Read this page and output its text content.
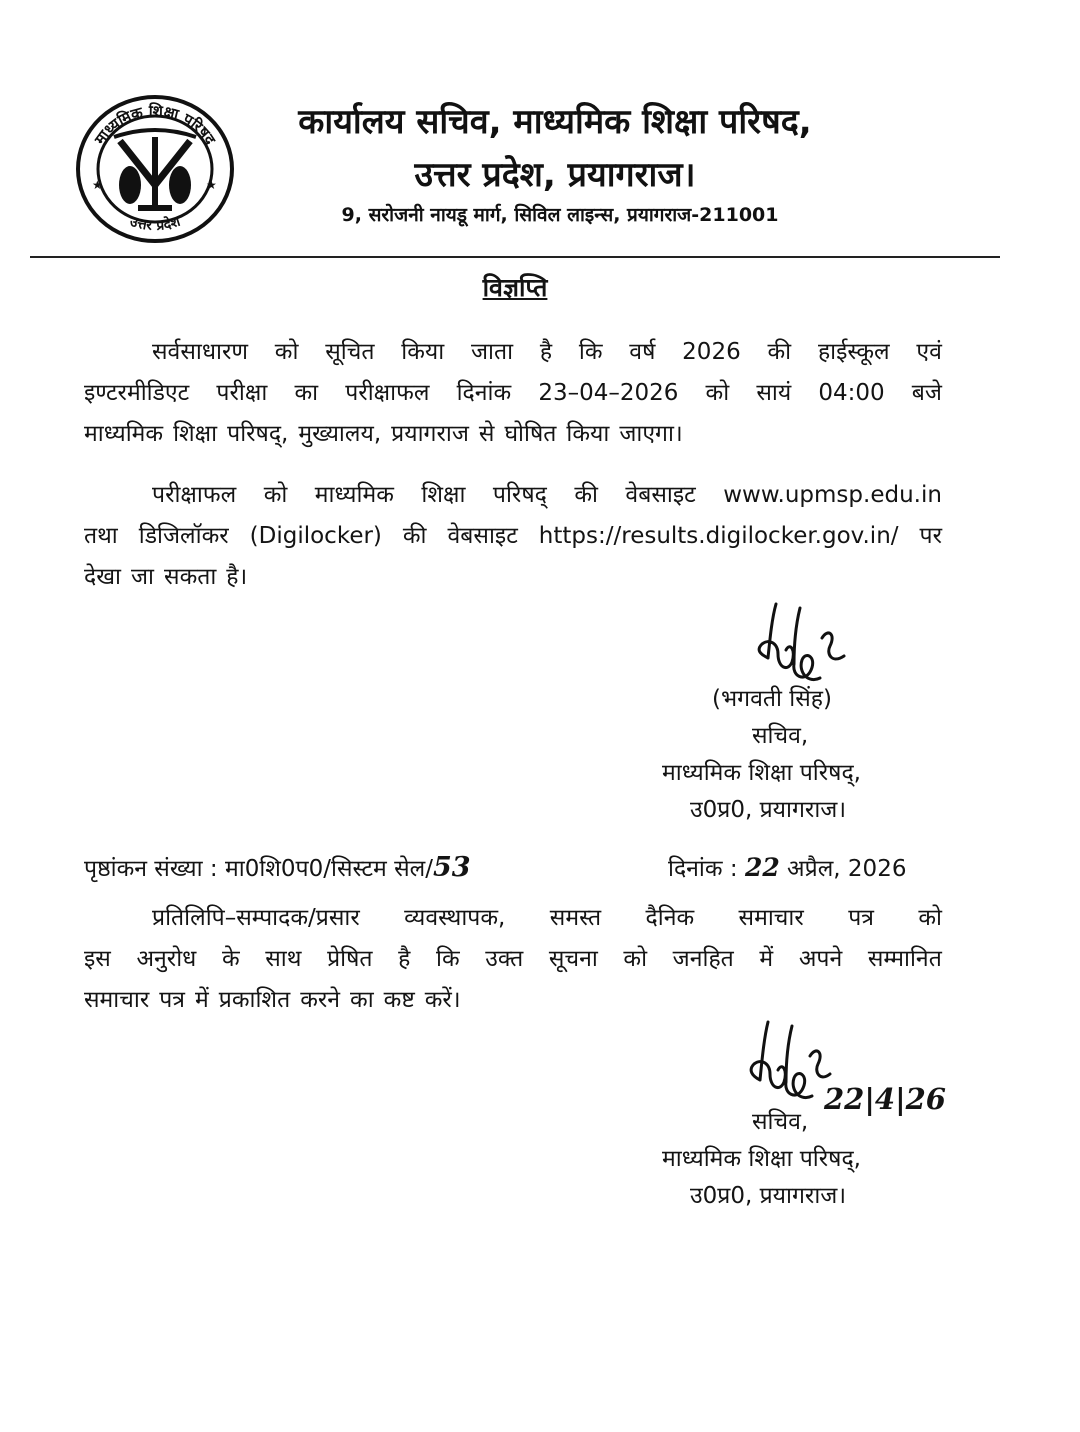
माध्यमिक शिक्षा परिषद
उत्तर प्रदेश
★	★
कार्यालय सचिव, माध्यमिक शिक्षा परिषद,
उत्तर प्रदेश, प्रयागराज।
9, सरोजनी नायडू मार्ग, सिविल लाइन्स, प्रयागराज-211001
विज्ञप्ति
सर्वसाधारण को सूचित किया जाता है कि वर्ष 2026 की हाईस्कूल एवं
इण्टरमीडिएट परीक्षा का परीक्षाफल दिनांक 23–04–2026 को सायं 04:00 बजे
माध्यमिक शिक्षा परिषद्, मुख्यालय, प्रयागराज से घोषित किया जाएगा।
परीक्षाफल को माध्यमिक शिक्षा परिषद् की वेबसाइट www.upmsp.edu.in
तथा डिजिलॉकर (Digilocker) की वेबसाइट https://results.digilocker.gov.in/ पर
देखा जा सकता है।
(भगवती सिंह)
सचिव,
माध्यमिक शिक्षा परिषद्,
उ0प्र0, प्रयागराज।
पृष्ठांकन संख्या : मा0शि0प0/सिस्टम सेल/53	दिनांक : 22 अप्रैल, 2026
प्रतिलिपि–सम्पादक/प्रसार व्यवस्थापक, समस्त दैनिक समाचार पत्र को
इस अनुरोध के साथ प्रेषित है कि उक्त सूचना को जनहित में अपने सम्मानित
समाचार पत्र में प्रकाशित करने का कष्ट करें।
22|4|26
सचिव,
माध्यमिक शिक्षा परिषद्,
उ0प्र0, प्रयागराज।
